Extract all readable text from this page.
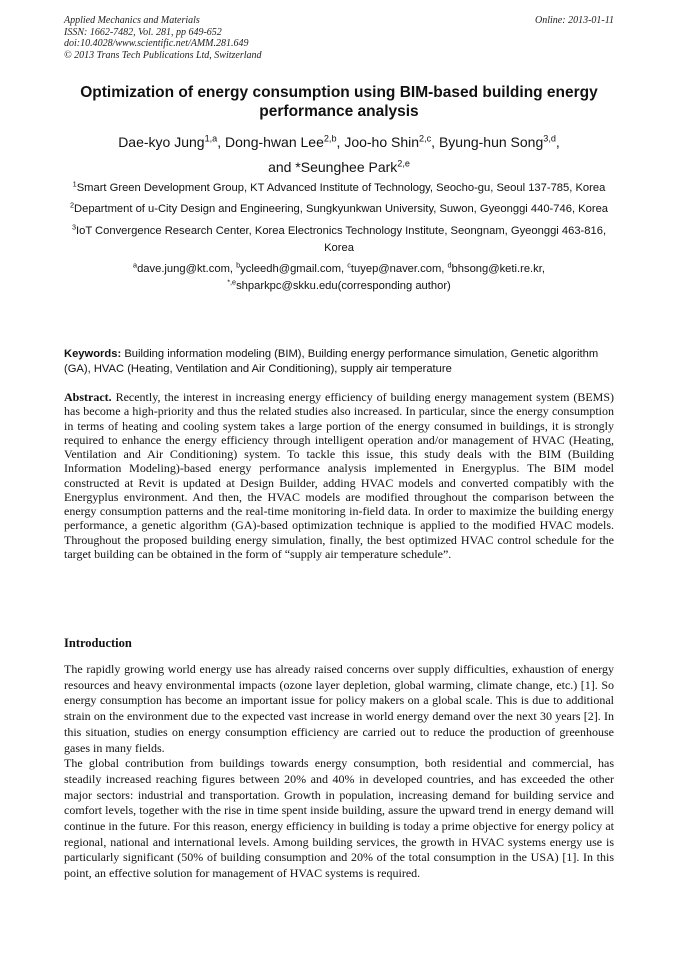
Applied Mechanics and Materials
ISSN: 1662-7482, Vol. 281, pp 649-652
doi:10.4028/www.scientific.net/AMM.281.649
© 2013 Trans Tech Publications Ltd, Switzerland
Online: 2013-01-11
Optimization of energy consumption using BIM-based building energy performance analysis
Dae-kyo Jung$^{1,a}$, Dong-hwan Lee$^{2,b}$, Joo-ho Shin$^{2,c}$, Byung-hun Song$^{3,d}$,
and *Seunghee Park$^{2,e}$

$^1$Smart Green Development Group, KT Advanced Institute of Technology, Seocho-gu, Seoul 137-785, Korea

$^2$Department of u-City Design and Engineering, Sungkyunkwan University, Suwon, Gyeonggi 440-746, Korea

$^3$IoT Convergence Research Center, Korea Electronics Technology Institute, Seongnam, Gyeonggi 463-816, Korea

$^a$dave.jung@kt.com, $^b$ycleedh@gmail.com, $^c$tuyep@naver.com, $^d$bhsong@keti.re.kr,
$^{*,e}$shparkpc@skku.edu(corresponding author)

Keywords: Building information modeling (BIM), Building energy performance simulation, Genetic algorithm (GA), HVAC (Heating, Ventilation and Air Conditioning), supply air temperature
Abstract. Recently, the interest in increasing energy efficiency of building energy management system (BEMS) has become a high-priority and thus the related studies also increased. In particular, since the energy consumption in terms of heating and cooling system takes a large portion of the energy consumed in buildings, it is strongly required to enhance the energy efficiency through intelligent operation and/or management of HVAC (Heating, Ventilation and Air Conditioning) system. To tackle this issue, this study deals with the BIM (Building Information Modeling)-based energy performance analysis implemented in Energyplus. The BIM model constructed at Revit is updated at Design Builder, adding HVAC models and converted compatibly with the Energyplus environment. And then, the HVAC models are modified throughout the comparison between the energy consumption patterns and the real-time monitoring in-field data. In order to maximize the building energy performance, a genetic algorithm (GA)-based optimization technique is applied to the modified HVAC models. Throughout the proposed building energy simulation, finally, the best optimized HVAC control schedule for the target building can be obtained in the form of “supply air temperature schedule”.
Introduction

The rapidly growing world energy use has already raised concerns over supply difficulties, exhaustion of energy resources and heavy environmental impacts (ozone layer depletion, global warming, climate change, etc.) [1]. So energy consumption has become an important issue for policy makers on a global scale. This is due to additional strain on the environment due to the expected vast increase in world energy demand over the next 30 years [2]. In this situation, studies on energy consumption efficiency are carried out to reduce the production of greenhouse gases in many fields.

The global contribution from buildings towards energy consumption, both residential and commercial, has steadily increased reaching figures between 20% and 40% in developed countries, and has exceeded the other major sectors: industrial and transportation. Growth in population, increasing demand for building service and comfort levels, together with the rise in time spent inside building, assure the upward trend in energy demand will continue in the future. For this reason, energy efficiency in building is today a prime objective for energy policy at regional, national and international levels. Among building services, the growth in HVAC systems energy use is particularly significant (50% of building consumption and 20% of the total consumption in the USA) [1]. In this point, an effective solution for management of HVAC systems is required.
